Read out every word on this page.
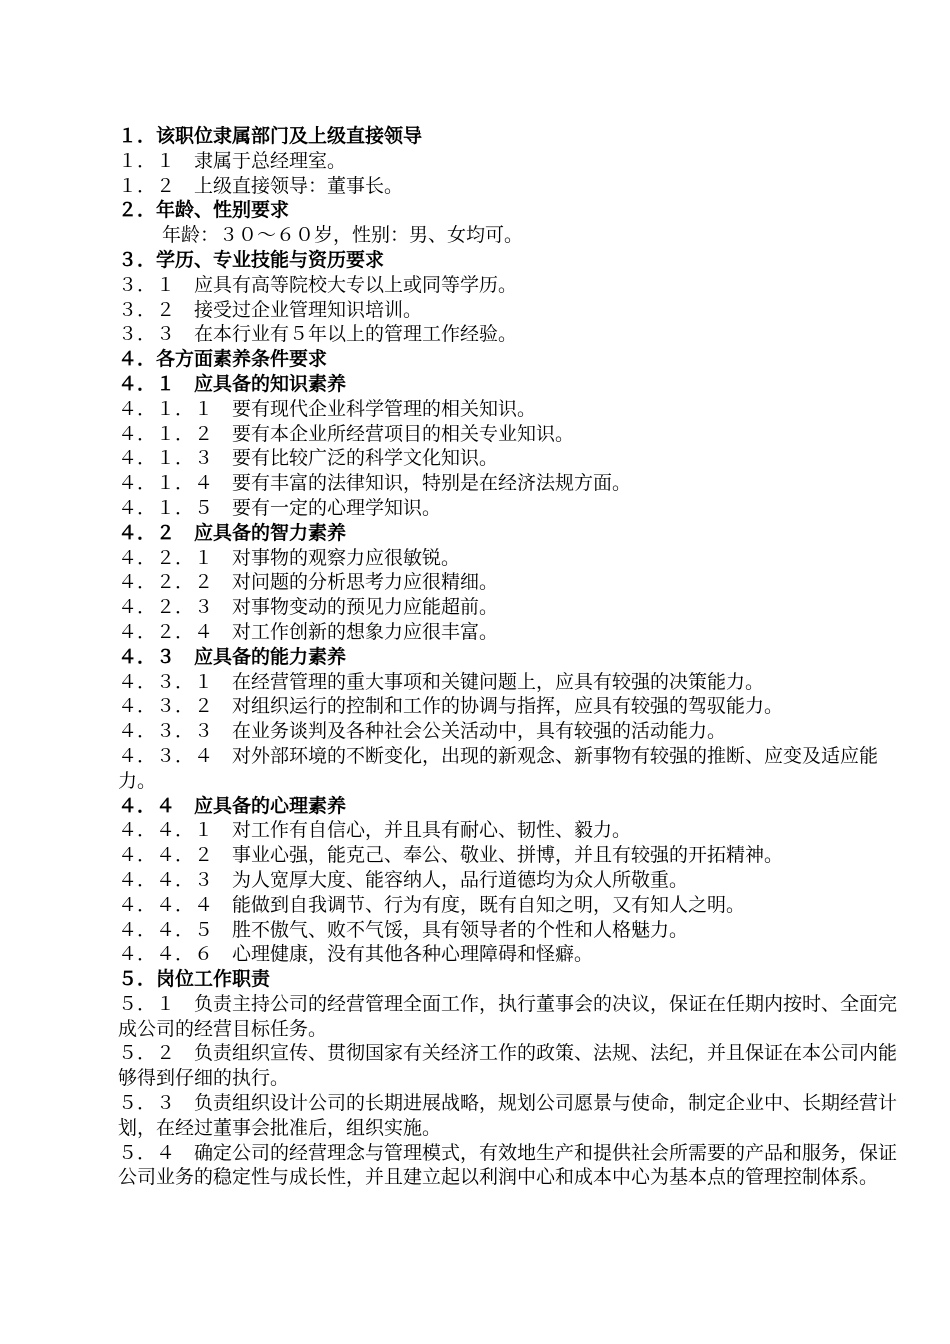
１．该职位隶属部门及上级直接领导

１．１　隶属于总经理室。

１．２　上级直接领导：董事长。

２．年龄、性别要求

年龄：３０～６０岁，性别：男、女均可。

３．学历、专业技能与资历要求

３．１　应具有高等院校大专以上或同等学历。

３．２　接受过企业管理知识培训。

３．３　在本行业有５年以上的管理工作经验。

４．各方面素养条件要求

４．１　应具备的知识素养

４．１．１　要有现代企业科学管理的相关知识。

４．１．２　要有本企业所经营项目的相关专业知识。

４．１．３　要有比较广泛的科学文化知识。

４．１．４　要有丰富的法律知识，特别是在经济法规方面。

４．１．５　要有一定的心理学知识。

４．２　应具备的智力素养

４．２．１　对事物的观察力应很敏锐。

４．２．２　对问题的分析思考力应很精细。

４．２．３　对事物变动的预见力应能超前。

４．２．４　对工作创新的想象力应很丰富。

４．３　应具备的能力素养

４．３．１　在经营管理的重大事项和关键问题上，应具有较强的决策能力。

４．３．２　对组织运行的控制和工作的协调与指挥，应具有较强的驾驭能力。

４．３．３　在业务谈判及各种社会公关活动中，具有较强的活动能力。

４．３．４　对外部环境的不断变化，出现的新观念、新事物有较强的推断、应变及适应能力。

４．４　应具备的心理素养

４．４．１　对工作有自信心，并且具有耐心、韧性、毅力。

４．４．２　事业心强，能克己、奉公、敬业、拼博，并且有较强的开拓精神。

４．４．３　为人宽厚大度、能容纳人，品行道德均为众人所敬重。

４．４．４　能做到自我调节、行为有度，既有自知之明，又有知人之明。

４．４．５　胜不傲气、败不气馁，具有领导者的个性和人格魅力。

４．４．６　心理健康，没有其他各种心理障碍和怪癖。

５．岗位工作职责

５．１　负责主持公司的经营管理全面工作，执行董事会的决议，保证在任期内按时、全面完成公司的经营目标任务。

５．２　负责组织宣传、贯彻国家有关经济工作的政策、法规、法纪，并且保证在本公司内能够得到仔细的执行。

５．３　负责组织设计公司的长期进展战略，规划公司愿景与使命，制定企业中、长期经营计划，在经过董事会批准后，组织实施。

５．４　确定公司的经营理念与管理模式，有效地生产和提供社会所需要的产品和服务，保证公司业务的稳定性与成长性，并且建立起以利润中心和成本中心为基本点的管理控制体系。
